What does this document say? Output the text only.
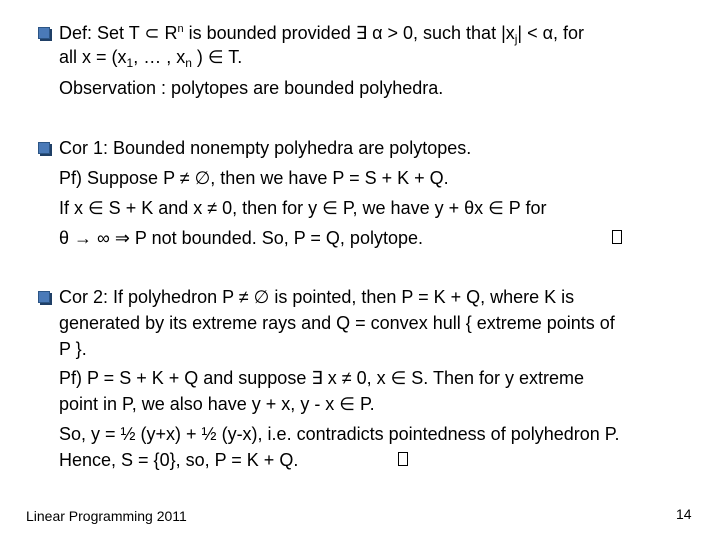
Def: Set T ⊂ $R^n$ is bounded provided ∃ α > 0, such that $|x_j| < \alpha$, for
all $x = (x_1$, … , $x_n$ ) ∈ T.
Observation : polytopes are bounded polyhedra.
Cor 1: Bounded nonempty polyhedra are polytopes.
Pf) Suppose P ≠ ∅, then we have P = S + K + Q.
If x ∈ S + K and x ≠ 0, then for y ∈ P, we have y + θx ∈ P for
θ → ∞ ⇒ P not bounded. So, P = Q, polytope.
Cor 2: If polyhedron P ≠ ∅ is pointed, then P = K + Q, where K is
generated by its extreme rays and Q = convex hull { extreme points of
P }.
Pf) P = S + K + Q and suppose ∃ x ≠ 0, x ∈ S. Then for y extreme
point in P, we also have y + x, y - x ∈ P.
So, y = ½ (y+x) + ½ (y-x), i.e. contradicts pointedness of polyhedron P.
Hence, S = {0}, so, P = K + Q.
Linear Programming 2011	14
